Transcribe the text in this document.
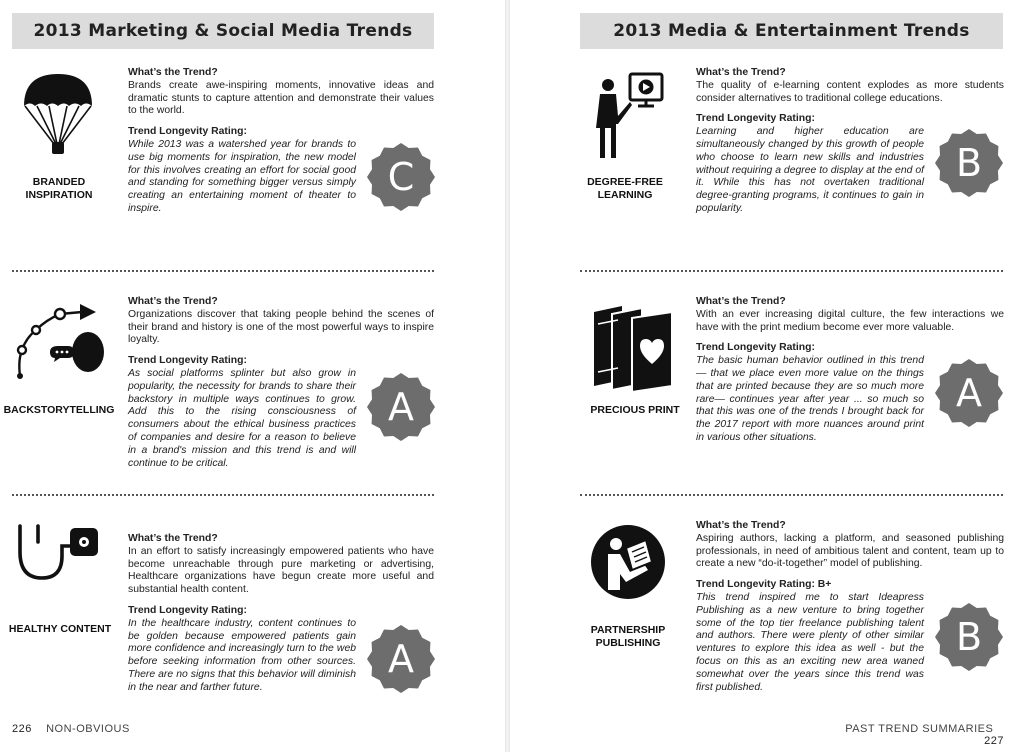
2013 Marketing & Social Media Trends
BRANDED INSPIRATION
What’s the Trend?
Brands create awe-inspiring moments, innovative ideas and dramatic stunts to capture attention and demonstrate their values to the world.
Trend Longevity Rating:
While 2013 was a watershed year for brands to use big moments for inspiration, the new model for this involves creating an effort for social good and standing for something bigger versus simply creating an entertaining moment of theater to inspire.
C
BACKSTORYTELLING
What’s the Trend?
Organizations discover that taking people behind the scenes of their brand and history is one of the most powerful ways to inspire loyalty.
Trend Longevity Rating:
As social platforms splinter but also grow in popularity, the necessity for brands to share their backstory in multiple ways continues to grow. Add this to the rising consciousness of consumers about the ethical business practices of companies and desire for a reason to believe in a brand's mission and this trend is and will continue to be critical.
A
HEALTHY CONTENT
What’s the Trend?
In an effort to satisfy increasingly empowered patients who have become unreachable through pure marketing or advertising, Healthcare organizations have begun create more useful and substantial health content.
Trend Longevity Rating:
In the healthcare industry, content continues to be golden because empowered patients gain more confidence and increasingly turn to the web before seeking information from other sources. There are no signs that this behavior will diminish in the near and farther future.
A
226 NON-OBVIOUS
2013 Media & Entertainment Trends
DEGREE-FREE LEARNING
What’s the Trend?
The quality of e-learning content explodes as more students consider alternatives to traditional college educations.
Trend Longevity Rating:
Learning and higher education are simultaneously changed by this growth of people who choose to learn new skills and industries without requiring a degree to display at the end of it. While this has not overtaken traditional degree-granting programs, it continues to gain in popularity.
B
PRECIOUS PRINT
What’s the Trend?
With an ever increasing digital culture, the few interactions we have with the print medium become ever more valuable.
Trend Longevity Rating:
The basic human behavior outlined in this trend— that we place even more value on the things that are printed because they are so much more rare— continues year after year ... so much so that this was one of the trends I brought back for the 2017 report with more nuances around print in various other situations.
A
PARTNERSHIP PUBLISHING
What’s the Trend?
Aspiring authors, lacking a platform, and seasoned publishing professionals, in need of ambitious talent and content, team up to create a new “do-it-together” model of publishing.
Trend Longevity Rating: B+
This trend inspired me to start Ideapress Publishing as a new venture to bring together some of the top tier freelance publishing talent and authors. There were plenty of other similar ventures to explore this idea as well - but the focus on this as an exciting new area waned somewhat over the years since this trend was first published.
B
PAST TREND SUMMARIES    227
